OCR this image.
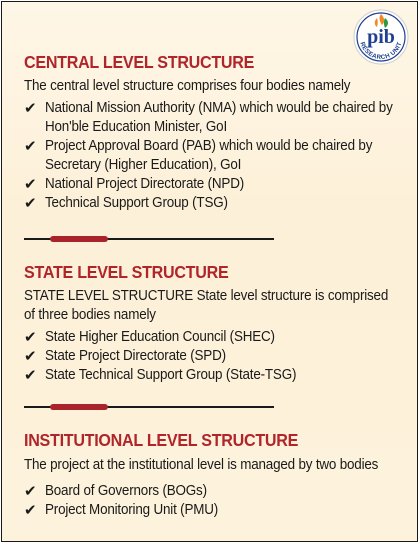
pib
RESEARCH UNIT
CENTRAL LEVEL STRUCTURE
The central level structure comprises four bodies namely
✔ National Mission Authority (NMA) which would be chaired by Hon'ble Education Minister, GoI
✔ Project Approval Board (PAB) which would be chaired by Secretary (Higher Education), GoI
✔ National Project Directorate (NPD)
✔ Technical Support Group (TSG)
STATE LEVEL STRUCTURE
STATE LEVEL STRUCTURE State level structure is comprised of three bodies namely
✔ State Higher Education Council (SHEC)
✔ State Project Directorate (SPD)
✔ State Technical Support Group (State-TSG)
INSTITUTIONAL LEVEL STRUCTURE
The project at the institutional level is managed by two bodies
✔ Board of Governors (BOGs)
✔ Project Monitoring Unit (PMU)
